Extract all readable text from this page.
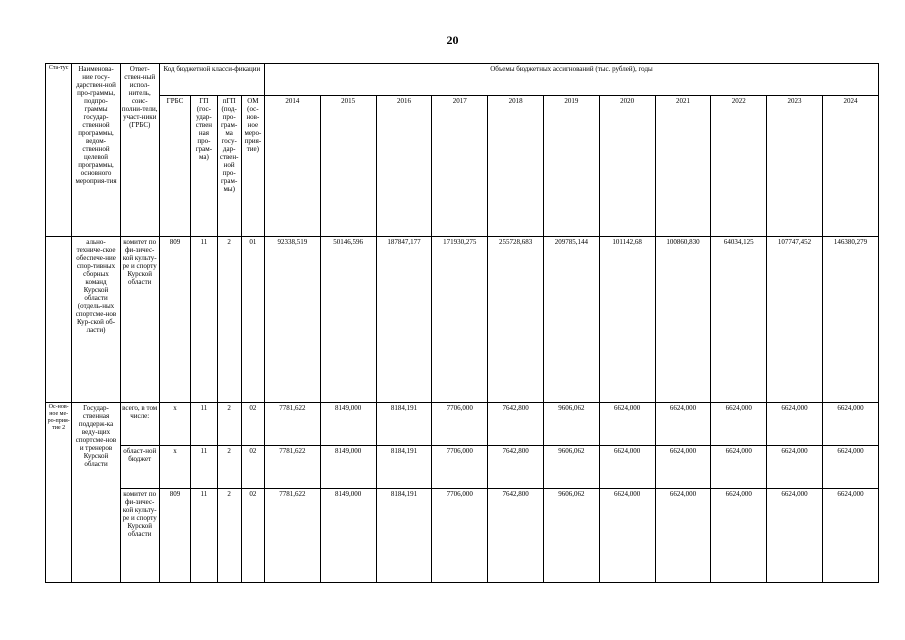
20
Ста-тус	Наименова-ние госу-дарствен-ной про-граммы, подпро-граммы государ-ственной программы, ведом-ственной целевой программы, основного мероприя-тия	Ответ-ствен-ный испол-нитель, соис-полни-тели, участ-ники (ГРБС)	Код бюджетной класси-фикации				Объемы бюджетных ассигнований (тыс. рублей), годы										
			ГРБС	ГП (гос-удар-ствен ная про-грам-ма)	пГП (под-про-грам-ма госу-дар-ствен-ной про-грам-мы)	ОМ (ос-нов-ное меро-прия-тие)	2014	2015	2016	2017	2018	2019	2020	2021	2022	2023	2024
	ально-техниче-ское обеспече-ние спор-тивных сборных команд Курской области (отдель-ных спортсме-нов Кур-ской об-ласти)	комитет по фи-зичес-кой культу-ре и спорту Курской области	809	11	2	01	92338,519	50146,596	187847,177	171930,275	255728,683	209785,144	101142,68	100860,830	64034,125	107747,452	146380,279
Ос-нов-ное ме-ро-прия-тие 2	Государ-ственная поддерж-ка веду-щих спортсме-нов и тренеров Курской области	всего, в том числе:	х	11	2	02	7781,622	8149,000	8184,191	7706,000	7642,800	9606,062	6624,000	6624,000	6624,000	6624,000	6624,000
		област-ной бюджет	х	11	2	02	7781,622	8149,000	8184,191	7706,000	7642,800	9606,062	6624,000	6624,000	6624,000	6624,000	6624,000
		комитет по фи-зичес-кой культу-ре и спорту Курской области	809	11	2	02	7781,622	8149,000	8184,191	7706,000	7642,800	9606,062	6624,000	6624,000	6624,000	6624,000	6624,000
